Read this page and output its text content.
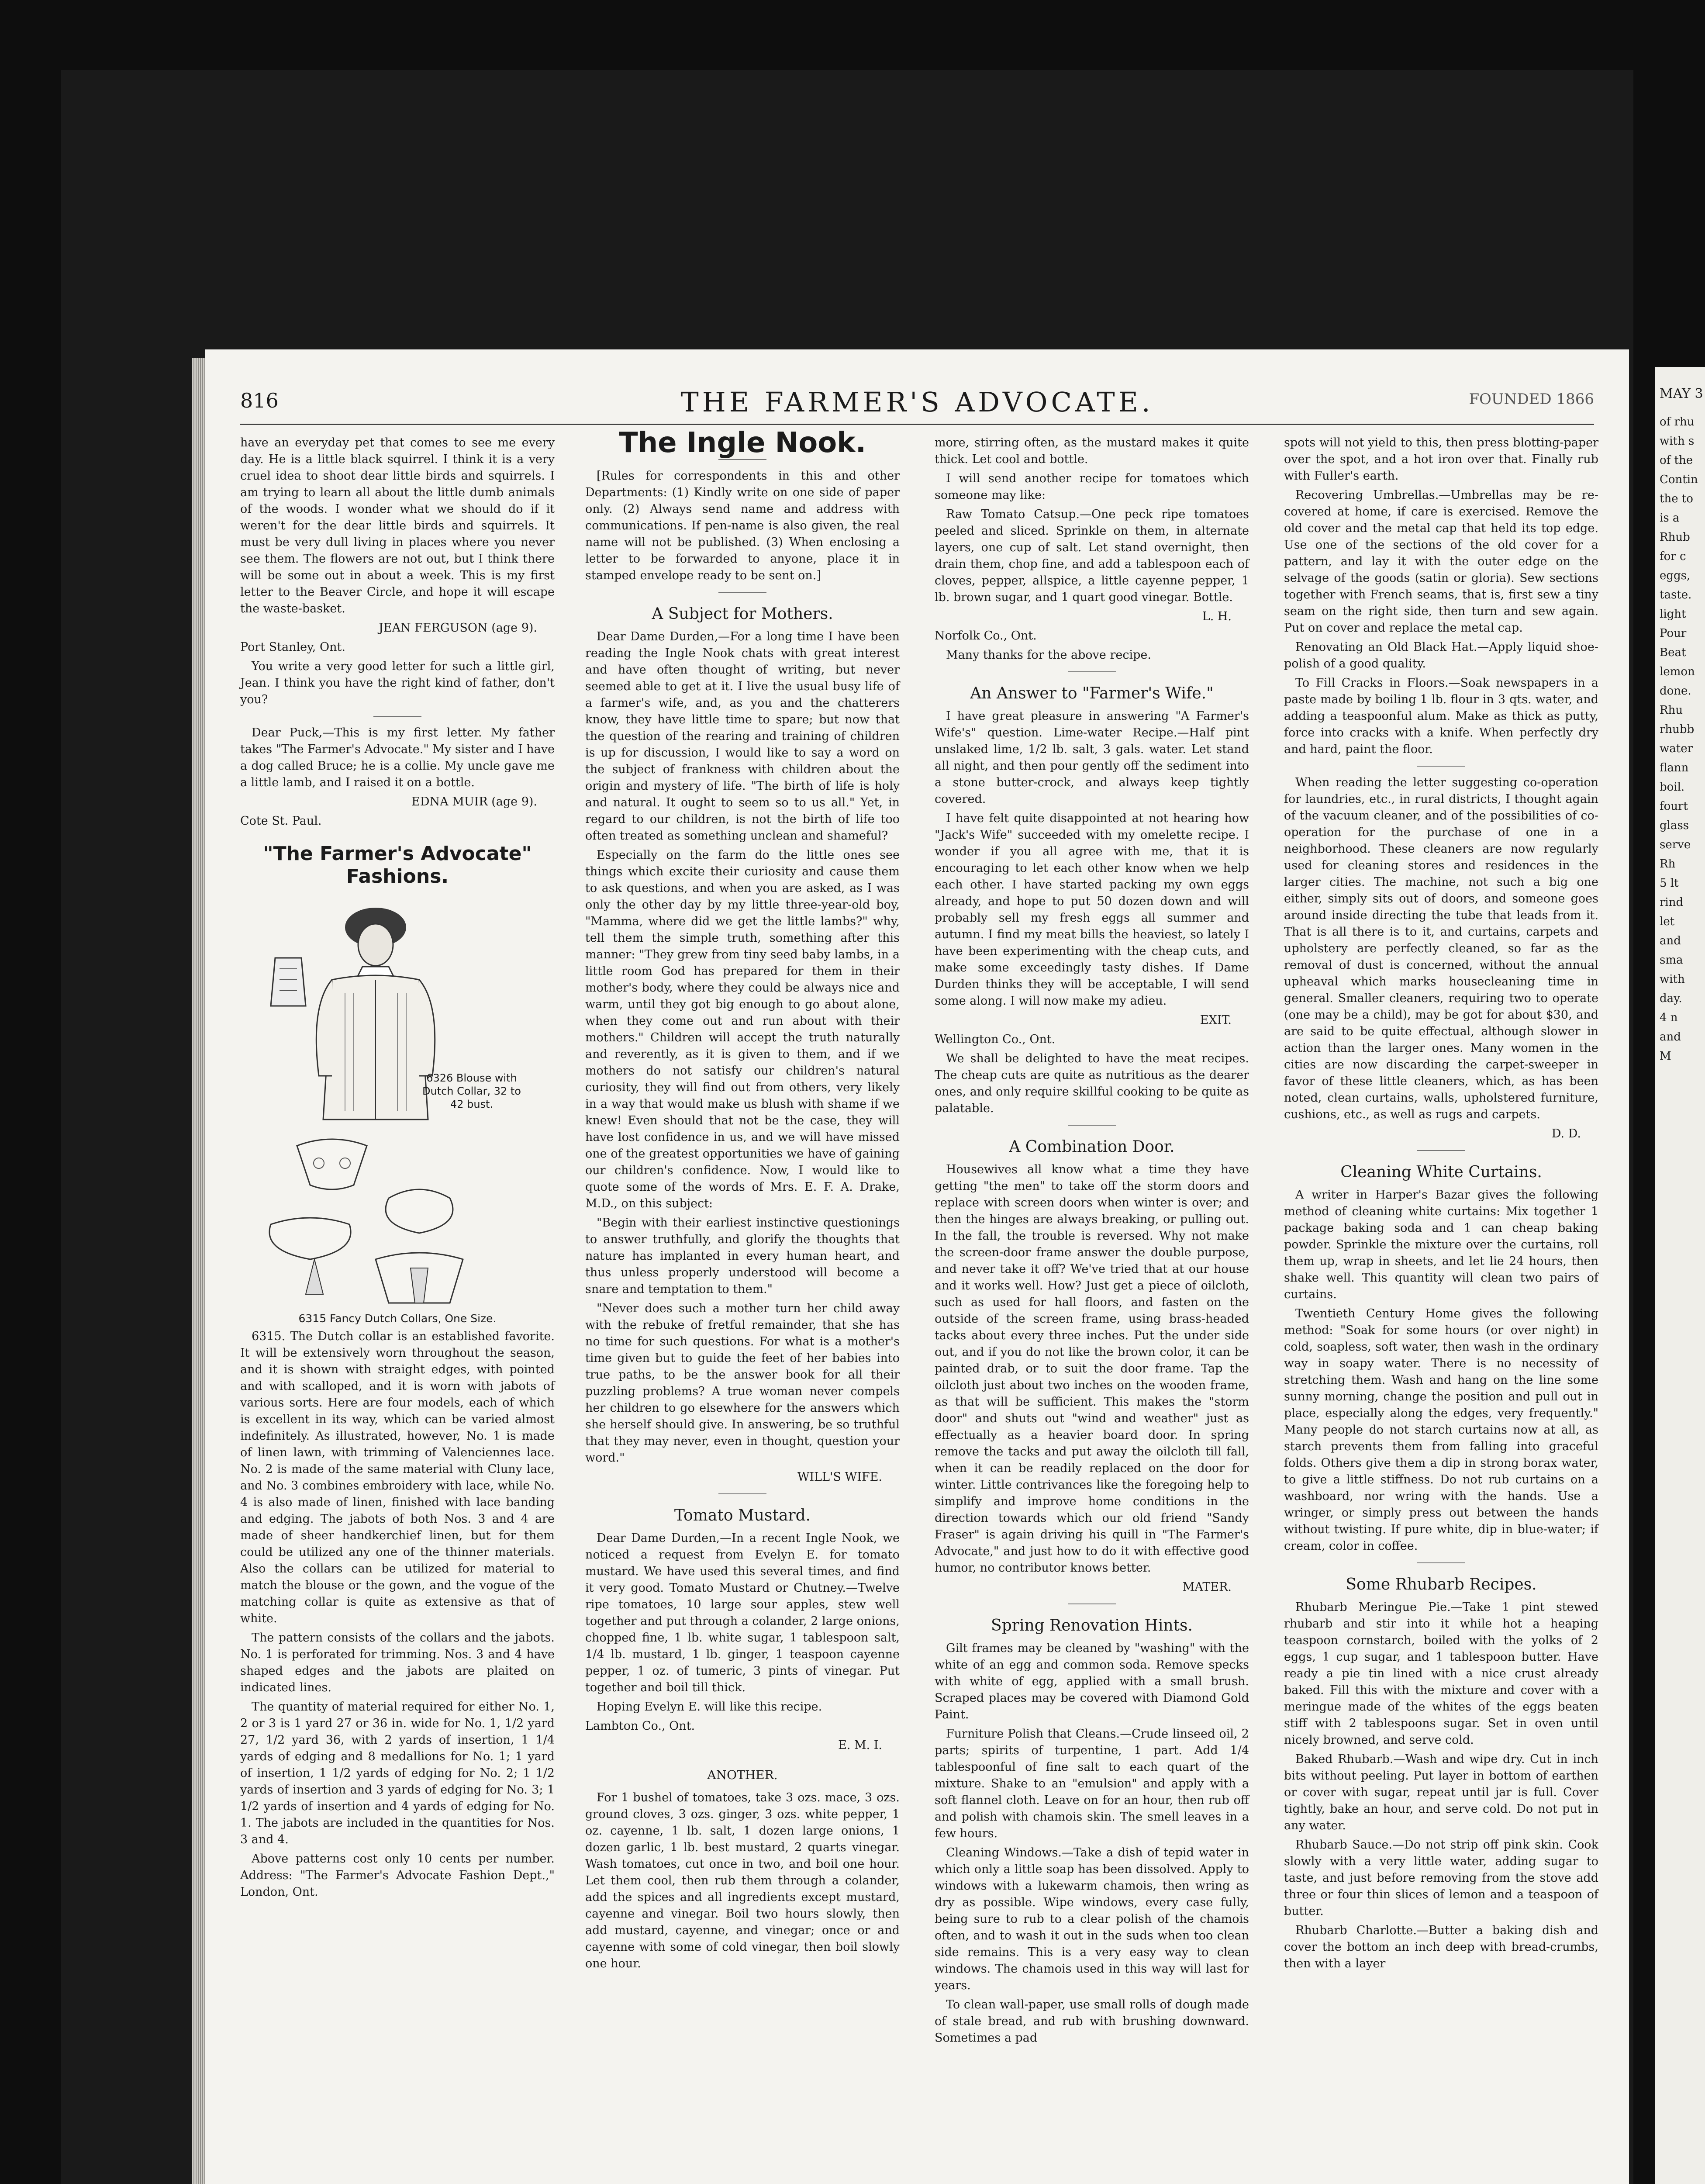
816	THE FARMER'S ADVOCATE.	FOUNDED 1866

have an everyday pet that comes to see me every day. He is a little black squirrel. I think it is a very cruel idea to shoot dear little birds and squirrels. I am trying to learn all about the little dumb animals of the woods. I wonder what we should do if it weren't for the dear little birds and squirrels. It must be very dull living in places where you never see them. The flowers are not out, but I think there will be some out in about a week. This is my first letter to the Beaver Circle, and hope it will escape the waste-basket.

JEAN FERGUSON (age 9).

Port Stanley, Ont.

You write a very good letter for such a little girl, Jean. I think you have the right kind of father, don't you?

Dear Puck,—This is my first letter. My father takes "The Farmer's Advocate." My sister and I have a dog called Bruce; he is a collie. My uncle gave me a little lamb, and I raised it on a bottle.

EDNA MUIR (age 9).

Cote St. Paul.

"The Farmer's Advocate" Fashions.
6326 Blouse with Dutch Collar, 32 to 42 bust.

6315 Fancy Dutch Collars, One Size.

6315. The Dutch collar is an established favorite. It will be extensively worn throughout the season, and it is shown with straight edges, with pointed and with scalloped, and it is worn with jabots of various sorts. Here are four models, each of which is excellent in its way, which can be varied almost indefinitely. As illustrated, however, No. 1 is made of linen lawn, with trimming of Valenciennes lace. No. 2 is made of the same material with Cluny lace, and No. 3 combines embroidery with lace, while No. 4 is also made of linen, finished with lace banding and edging. The jabots of both Nos. 3 and 4 are made of sheer handkerchief linen, but for them could be utilized any one of the thinner materials. Also the collars can be utilized for material to match the blouse or the gown, and the vogue of the matching collar is quite as extensive as that of white.

The pattern consists of the collars and the jabots. No. 1 is perforated for trimming. Nos. 3 and 4 have shaped edges and the jabots are plaited on indicated lines.

The quantity of material required for either No. 1, 2 or 3 is 1 yard 27 or 36 in. wide for No. 1, 1/2 yard 27, 1/2 yard 36, with 2 yards of insertion, 1 1/4 yards of edging and 8 medallions for No. 1; 1 yard of insertion, 1 1/2 yards of edging for No. 2; 1 1/2 yards of insertion and 3 yards of edging for No. 3; 1 1/2 yards of insertion and 4 yards of edging for No. 1. The jabots are included in the quantities for Nos. 3 and 4.

Above patterns cost only 10 cents per number. Address: "The Farmer's Advocate Fashion Dept.," London, Ont.

The Ingle Nook.

[Rules for correspondents in this and other Departments: (1) Kindly write on one side of paper only. (2) Always send name and address with communications. If pen-name is also given, the real name will not be published. (3) When enclosing a letter to be forwarded to anyone, place it in stamped envelope ready to be sent on.]

A Subject for Mothers.

Dear Dame Durden,—For a long time I have been reading the Ingle Nook chats with great interest and have often thought of writing, but never seemed able to get at it. I live the usual busy life of a farmer's wife, and, as you and the chatterers know, they have little time to spare; but now that the question of the rearing and training of children is up for discussion, I would like to say a word on the subject of frankness with children about the origin and mystery of life. "The birth of life is holy and natural. It ought to seem so to us all." Yet, in regard to our children, is not the birth of life too often treated as something unclean and shameful?

Especially on the farm do the little ones see things which excite their curiosity and cause them to ask questions, and when you are asked, as I was only the other day by my little three-year-old boy, "Mamma, where did we get the little lambs?" why, tell them the simple truth, something after this manner: "They grew from tiny seed baby lambs, in a little room God has prepared for them in their mother's body, where they could be always nice and warm, until they got big enough to go about alone, when they come out and run about with their mothers." Children will accept the truth naturally and reverently, as it is given to them, and if we mothers do not satisfy our children's natural curiosity, they will find out from others, very likely in a way that would make us blush with shame if we knew! Even should that not be the case, they will have lost confidence in us, and we will have missed one of the greatest opportunities we have of gaining our children's confidence. Now, I would like to quote some of the words of Mrs. E. F. A. Drake, M.D., on this subject:

"Begin with their earliest instinctive questionings to answer truthfully, and glorify the thoughts that nature has implanted in every human heart, and thus unless properly understood will become a snare and temptation to them."

"Never does such a mother turn her child away with the rebuke of fretful remainder, that she has no time for such questions. For what is a mother's time given but to guide the feet of her babies into true paths, to be the answer book for all their puzzling problems? A true woman never compels her children to go elsewhere for the answers which she herself should give. In answering, be so truthful that they may never, even in thought, question your word."

WILL'S WIFE.

Tomato Mustard.

Dear Dame Durden,—In a recent Ingle Nook, we noticed a request from Evelyn E. for tomato mustard. We have used this several times, and find it very good. Tomato Mustard or Chutney.—Twelve ripe tomatoes, 10 large sour apples, stew well together and put through a colander, 2 large onions, chopped fine, 1 lb. white sugar, 1 tablespoon salt, 1/4 lb. mustard, 1 lb. ginger, 1 teaspoon cayenne pepper, 1 oz. of tumeric, 3 pints of vinegar. Put together and boil till thick.

Hoping Evelyn E. will like this recipe.

Lambton Co., Ont.

E. M. I.

ANOTHER.

For 1 bushel of tomatoes, take 3 ozs. mace, 3 ozs. ground cloves, 3 ozs. ginger, 3 ozs. white pepper, 1 oz. cayenne, 1 lb. salt, 1 dozen large onions, 1 dozen garlic, 1 lb. best mustard, 2 quarts vinegar. Wash tomatoes, cut once in two, and boil one hour. Let them cool, then rub them through a colander, add the spices and all ingredients except mustard, cayenne and vinegar. Boil two hours slowly, then add mustard, cayenne, and vinegar; once or and cayenne with some of cold vinegar, then boil slowly one hour.

more, stirring often, as the mustard makes it quite thick. Let cool and bottle.

I will send another recipe for tomatoes which someone may like:

Raw Tomato Catsup.—One peck ripe tomatoes peeled and sliced. Sprinkle on them, in alternate layers, one cup of salt. Let stand overnight, then drain them, chop fine, and add a tablespoon each of cloves, pepper, allspice, a little cayenne pepper, 1 lb. brown sugar, and 1 quart good vinegar. Bottle.

L. H.

Norfolk Co., Ont.

Many thanks for the above recipe.

An Answer to "Farmer's Wife."

I have great pleasure in answering "A Farmer's Wife's" question. Lime-water Recipe.—Half pint unslaked lime, 1/2 lb. salt, 3 gals. water. Let stand all night, and then pour gently off the sediment into a stone butter-crock, and always keep tightly covered.

I have felt quite disappointed at not hearing how "Jack's Wife" succeeded with my omelette recipe. I wonder if you all agree with me, that it is encouraging to let each other know when we help each other. I have started packing my own eggs already, and hope to put 50 dozen down and will probably sell my fresh eggs all summer and autumn. I find my meat bills the heaviest, so lately I have been experimenting with the cheap cuts, and make some exceedingly tasty dishes. If Dame Durden thinks they will be acceptable, I will send some along. I will now make my adieu.

EXIT.

Wellington Co., Ont.

We shall be delighted to have the meat recipes. The cheap cuts are quite as nutritious as the dearer ones, and only require skillful cooking to be quite as palatable.

A Combination Door.

Housewives all know what a time they have getting "the men" to take off the storm doors and replace with screen doors when winter is over; and then the hinges are always breaking, or pulling out. In the fall, the trouble is reversed. Why not make the screen-door frame answer the double purpose, and never take it off? We've tried that at our house and it works well. How? Just get a piece of oilcloth, such as used for hall floors, and fasten on the outside of the screen frame, using brass-headed tacks about every three inches. Put the under side out, and if you do not like the brown color, it can be painted drab, or to suit the door frame. Tap the oilcloth just about two inches on the wooden frame, as that will be sufficient. This makes the "storm door" and shuts out "wind and weather" just as effectually as a heavier board door. In spring remove the tacks and put away the oilcloth till fall, when it can be readily replaced on the door for winter. Little contrivances like the foregoing help to simplify and improve home conditions in the direction towards which our old friend "Sandy Fraser" is again driving his quill in "The Farmer's Advocate," and just how to do it with effective good humor, no contributor knows better.

MATER.

Spring Renovation Hints.

Gilt frames may be cleaned by "washing" with the white of an egg and common soda. Remove specks with white of egg, applied with a small brush. Scraped places may be covered with Diamond Gold Paint.

Furniture Polish that Cleans.—Crude linseed oil, 2 parts; spirits of turpentine, 1 part. Add 1/4 tablespoonful of fine salt to each quart of the mixture. Shake to an "emulsion" and apply with a soft flannel cloth. Leave on for an hour, then rub off and polish with chamois skin. The smell leaves in a few hours.

Cleaning Windows.—Take a dish of tepid water in which only a little soap has been dissolved. Apply to windows with a lukewarm chamois, then wring as dry as possible. Wipe windows, every case fully, being sure to rub to a clear polish of the chamois often, and to wash it out in the suds when too clean side remains. This is a very easy way to clean windows. The chamois used in this way will last for years.

To clean wall-paper, use small rolls of dough made of stale bread, and rub with brushing downward. Sometimes a pad

spots will not yield to this, then press blotting-paper over the spot, and a hot iron over that. Finally rub with Fuller's earth.

Recovering Umbrellas.—Umbrellas may be re-covered at home, if care is exercised. Remove the old cover and the metal cap that held its top edge. Use one of the sections of the old cover for a pattern, and lay it with the outer edge on the selvage of the goods (satin or gloria). Sew sections together with French seams, that is, first sew a tiny seam on the right side, then turn and sew again. Put on cover and replace the metal cap.

Renovating an Old Black Hat.—Apply liquid shoe-polish of a good quality.

To Fill Cracks in Floors.—Soak newspapers in a paste made by boiling 1 lb. flour in 3 qts. water, and adding a teaspoonful alum. Make as thick as putty, force into cracks with a knife. When perfectly dry and hard, paint the floor.

When reading the letter suggesting co-operation for laundries, etc., in rural districts, I thought again of the vacuum cleaner, and of the possibilities of co-operation for the purchase of one in a neighborhood. These cleaners are now regularly used for cleaning stores and residences in the larger cities. The machine, not such a big one either, simply sits out of doors, and someone goes around inside directing the tube that leads from it. That is all there is to it, and curtains, carpets and upholstery are perfectly cleaned, so far as the removal of dust is concerned, without the annual upheaval which marks housecleaning time in general. Smaller cleaners, requiring two to operate (one may be a child), may be got for about $30, and are said to be quite effectual, although slower in action than the larger ones. Many women in the cities are now discarding the carpet-sweeper in favor of these little cleaners, which, as has been noted, clean curtains, walls, upholstered furniture, cushions, etc., as well as rugs and carpets.

D. D.

Cleaning White Curtains.

A writer in Harper's Bazar gives the following method of cleaning white curtains: Mix together 1 package baking soda and 1 can cheap baking powder. Sprinkle the mixture over the curtains, roll them up, wrap in sheets, and let lie 24 hours, then shake well. This quantity will clean two pairs of curtains.

Twentieth Century Home gives the following method: "Soak for some hours (or over night) in cold, soapless, soft water, then wash in the ordinary way in soapy water. There is no necessity of stretching them. Wash and hang on the line some sunny morning, change the position and pull out in place, especially along the edges, very frequently." Many people do not starch curtains now at all, as starch prevents them from falling into graceful folds. Others give them a dip in strong borax water, to give a little stiffness. Do not rub curtains on a washboard, nor wring with the hands. Use a wringer, or simply press out between the hands without twisting. If pure white, dip in blue-water; if cream, color in coffee.

Some Rhubarb Recipes.

Rhubarb Meringue Pie.—Take 1 pint stewed rhubarb and stir into it while hot a heaping teaspoon cornstarch, boiled with the yolks of 2 eggs, 1 cup sugar, and 1 tablespoon butter. Have ready a pie tin lined with a nice crust already baked. Fill this with the mixture and cover with a meringue made of the whites of the eggs beaten stiff with 2 tablespoons sugar. Set in oven until nicely browned, and serve cold.

Baked Rhubarb.—Wash and wipe dry. Cut in inch bits without peeling. Put layer in bottom of earthen or cover with sugar, repeat until jar is full. Cover tightly, bake an hour, and serve cold. Do not put in any water.

Rhubarb Sauce.—Do not strip off pink skin. Cook slowly with a very little water, adding sugar to taste, and just before removing from the stove add three or four thin slices of lemon and a teaspoon of butter.

Rhubarb Charlotte.—Butter a baking dish and cover the bottom an inch deep with bread-crumbs, then with a layer

MAY 3

of rhu

with s

of the

Contin

the to

is a

Rhub

for c

eggs,

taste.

light

Pour

Beat

lemon

done.

Rhu

rhubb

water

flann

boil.

fourt

glass

serve

Rh

5 lt

rind

let

and

sma

with

day.

4 n

and

M
